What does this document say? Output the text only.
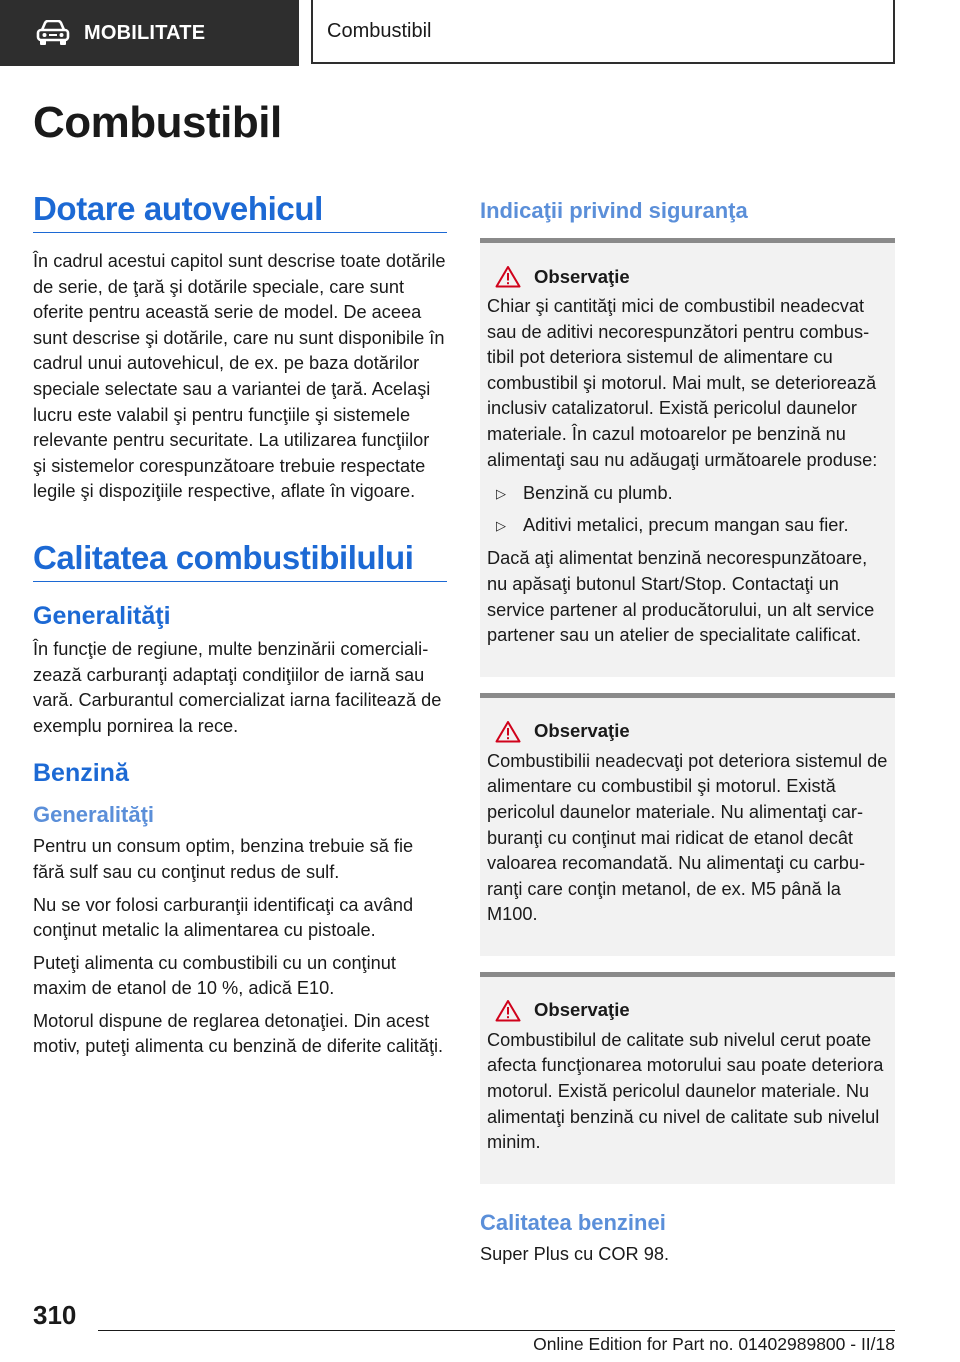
MOBILITATE	Combustibil
Combustibil
Dotare autovehicul

În cadrul acestui capitol sunt descrise toate dotările de serie, de ţară şi dotările speciale, care sunt oferite pentru această serie de model. De aceea sunt descrise şi dotările, care nu sunt disponibile în cadrul unui autovehicul, de ex. pe baza dotărilor speciale selectate sau a variantei de ţară. Acelaşi lucru este valabil şi pentru funcţiile şi sistemele relevante pentru securitate. La utilizarea funcţiilor şi sistemelor corespunzătoare trebuie respectate legile şi dispoziţiile respective, aflate în vigoare.

Calitatea combustibilului
Generalităţi

În funcţie de regiune, multe benzinării comercializează carburanţi adaptaţi condiţiilor de iarnă sau vară. Carburantul comercializat iarna facilitează de exemplu pornirea la rece.

Benzină
Generalităţi

Pentru un consum optim, benzina trebuie să fie fără sulf sau cu conţinut redus de sulf.

Nu se vor folosi carburanţii identificaţi ca având conţinut metalic la alimentarea cu pistoale.

Puteţi alimenta cu combustibili cu un conţinut maxim de etanol de 10 %, adică E10.

Motorul dispune de reglarea detonaţiei. Din acest motiv, puteţi alimenta cu benzină de diferite calităţi.

Indicaţii privind siguranţa
Observaţie

Chiar şi cantităţi mici de combustibil neadecvat sau de aditivi necorespunzători pentru combustibil pot deteriora sistemul de alimentare cu combustibil şi motorul. Mai mult, se deteriorează inclusiv catalizatorul. Există pericolul daunelor materiale. În cazul motoarelor pe benzină nu alimentaţi sau nu adăugaţi următoarele produse:

▷ Benzină cu plumb.
▷ Aditivi metalici, precum mangan sau fier.

Dacă aţi alimentat benzină necorespunzătoare, nu apăsaţi butonul Start/Stop. Contactaţi un service partener al producătorului, un alt service partener sau un atelier de specialitate calificat.

Observaţie

Combustibilii neadecvaţi pot deteriora sistemul de alimentare cu combustibil şi motorul. Există pericolul daunelor materiale. Nu alimentaţi carburanţi cu conţinut mai ridicat de etanol decât valoarea recomandată. Nu alimentaţi cu carburanţi care conţin metanol, de ex. M5 până la M100.

Observaţie

Combustibilul de calitate sub nivelul cerut poate afecta funcţionarea motorului sau poate deteriora motorul. Există pericolul daunelor materiale. Nu alimentaţi benzină cu nivel de calitate sub nivelul minim.

Calitatea benzinei

Super Plus cu COR 98.

310
Online Edition for Part no. 01402989800 - II/18
